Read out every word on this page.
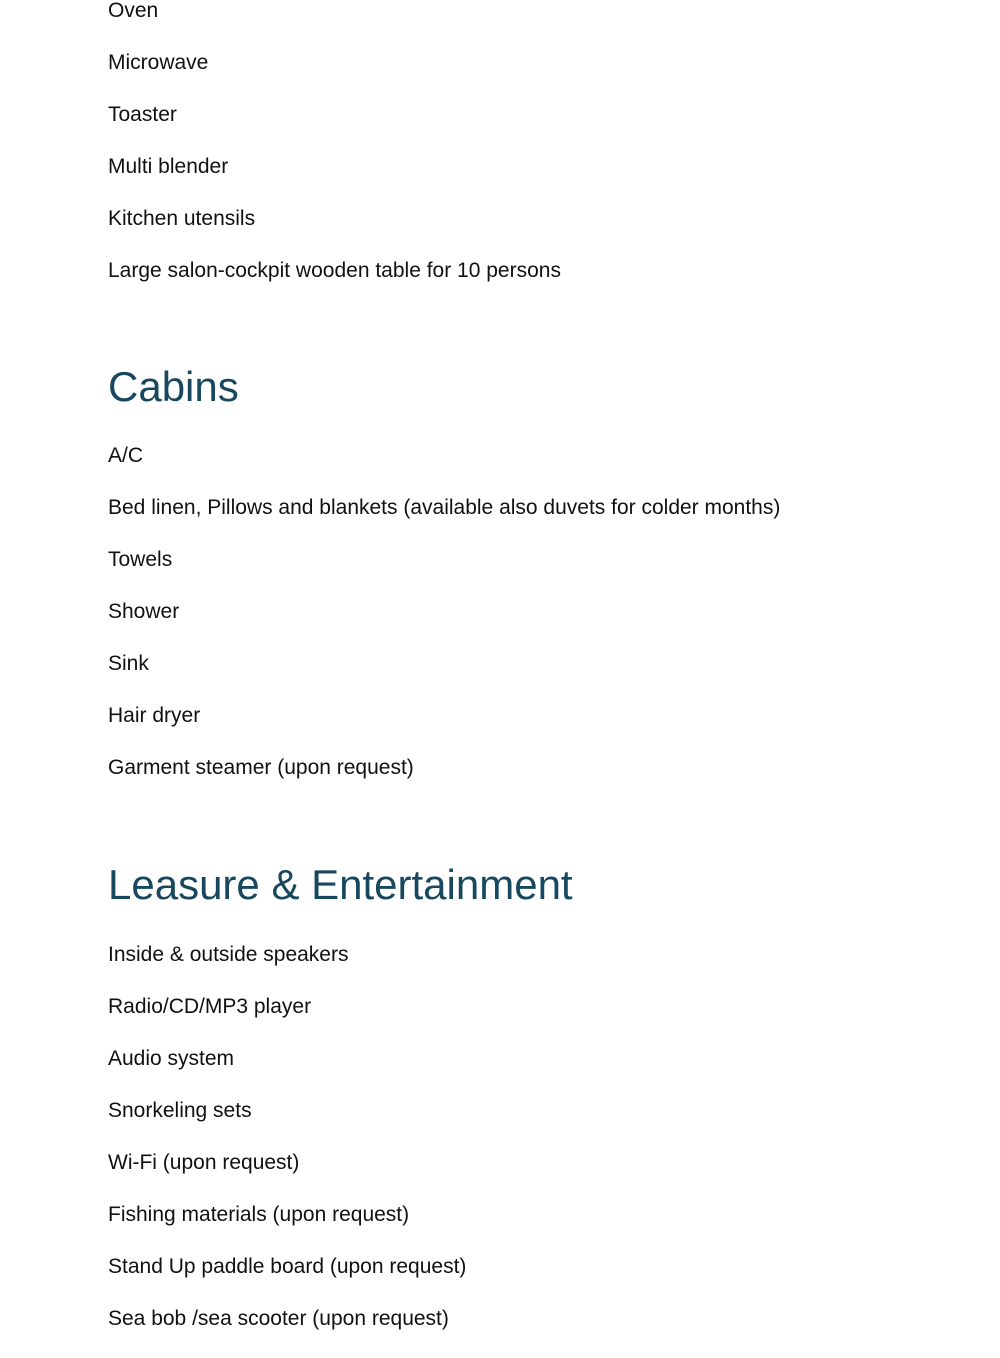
Oven
Microwave
Toaster
Multi blender
Kitchen utensils
Large salon-cockpit wooden table for 10 persons
Cabins
A/C
Bed linen, Pillows and blankets (available also duvets for colder months)
Towels
Shower
Sink
Hair dryer
Garment steamer (upon request)
Leasure & Entertainment
Inside & outside speakers
Radio/CD/MP3 player
Audio system
Snorkeling sets
Wi-Fi (upon request)
Fishing materials (upon request)
Stand Up paddle board (upon request)
Sea bob /sea scooter (upon request)
